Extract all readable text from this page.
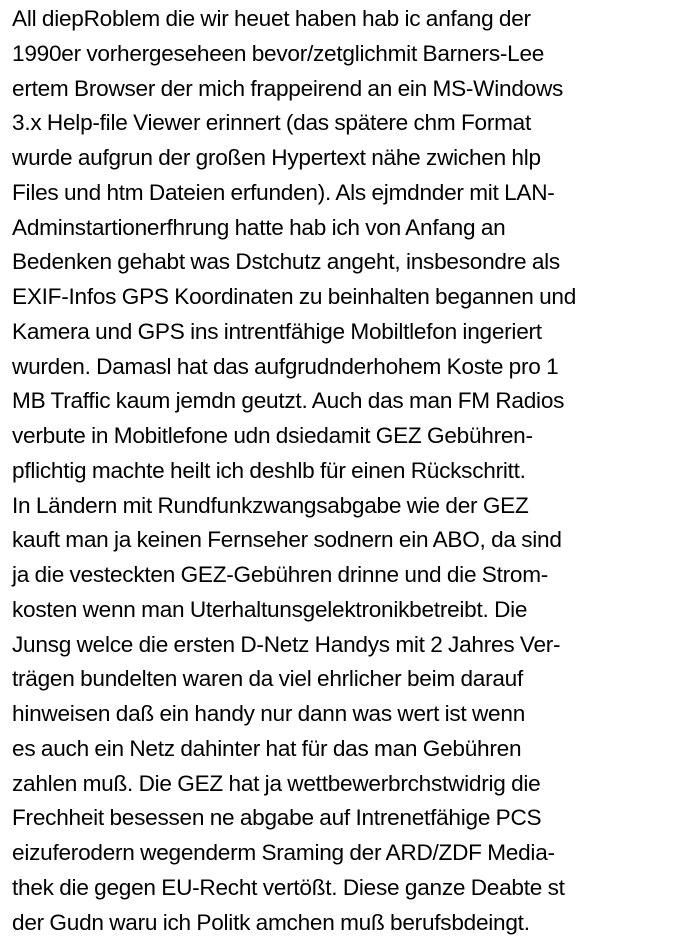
All diepRoblem die wir heuet haben hab ic anfang der
1990er vorhergeseheen bevor/zetglichmit Barners-Lee
ertem Browser der mich frappeirend an ein MS-Windows
3.x Help-file Viewer erinnert (das spätere chm Format
wurde aufgrun der großen Hypertext nähe zwichen hlp
Files und htm Dateien erfunden). Als ejmdnder mit LAN-
Adminstartionerfhrung hatte hab ich von Anfang an
Bedenken gehabt was Dstchutz angeht, insbesondre als
EXIF-Infos GPS Koordinaten zu beinhalten begannen und
Kamera und GPS ins intrentfähige Mobiltlefon ingeriert
wurden. Damasl hat das aufgrudnderhohem Koste pro 1
MB Traffic kaum jemdn geutzt. Auch das man FM Radios
verbute in Mobitlefone udn dsiedamit GEZ Gebühren-
pflichtig machte heilt ich deshlb für einen Rückschritt.
In Ländern mit Rundfunkzwangsabgabe wie der GEZ
kauft man ja keinen Fernseher sodnern ein ABO, da sind
ja die vesteckten GEZ-Gebühren drinne und die Strom-
kosten wenn man Uterhaltunsgelektronikbetreibt. Die
Junsg welce die ersten D-Netz Handys mit 2 Jahres Ver-
trägen bundelten waren da viel ehrlicher beim darauf
hinweisen daß ein handy nur dann was wert ist wenn
es auch ein Netz dahinter hat für das man Gebühren
zahlen muß. Die GEZ hat ja wettbewerbrchstwidrig die
Frechheit besessen ne abgabe auf Intrenetfähige PCS
eizuferodern wegenderm Sraming der ARD/ZDF Media-
thek die gegen EU-Recht vertößt. Diese ganze Deabte st
der Gudn waru ich Politk amchen muß berufsbdeingt.
